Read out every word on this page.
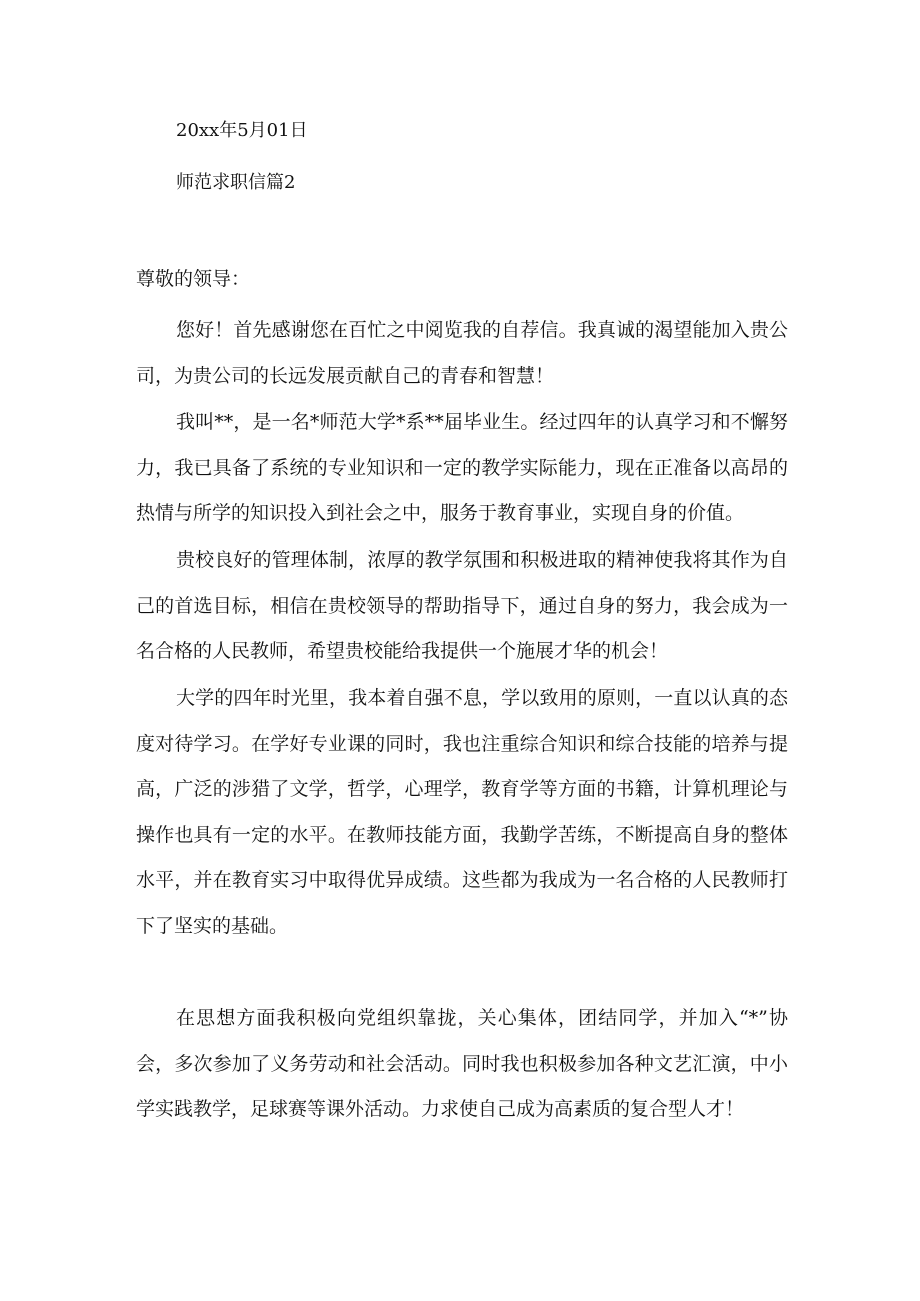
20xx年5月01日
师范求职信篇2
尊敬的领导：

您好！首先感谢您在百忙之中阅览我的自荐信。我真诚的渴望能加入贵公司，为贵公司的长远发展贡献自己的青春和智慧！

我叫**，是一名*师范大学*系**届毕业生。经过四年的认真学习和不懈努力，我已具备了系统的专业知识和一定的教学实际能力，现在正准备以高昂的热情与所学的知识投入到社会之中，服务于教育事业，实现自身的价值。

贵校良好的管理体制，浓厚的教学氛围和积极进取的精神使我将其作为自己的首选目标，相信在贵校领导的帮助指导下，通过自身的努力，我会成为一名合格的人民教师，希望贵校能给我提供一个施展才华的机会！

大学的四年时光里，我本着自强不息，学以致用的原则，一直以认真的态度对待学习。在学好专业课的同时，我也注重综合知识和综合技能的培养与提高，广泛的涉猎了文学，哲学，心理学，教育学等方面的书籍，计算机理论与操作也具有一定的水平。在教师技能方面，我勤学苦练，不断提高自身的整体水平，并在教育实习中取得优异成绩。这些都为我成为一名合格的人民教师打下了坚实的基础。

在思想方面我积极向党组织靠拢，关心集体，团结同学，并加入“*”协会，多次参加了义务劳动和社会活动。同时我也积极参加各种文艺汇演，中小学实践教学，足球赛等课外活动。力求使自己成为高素质的复合型人才！
